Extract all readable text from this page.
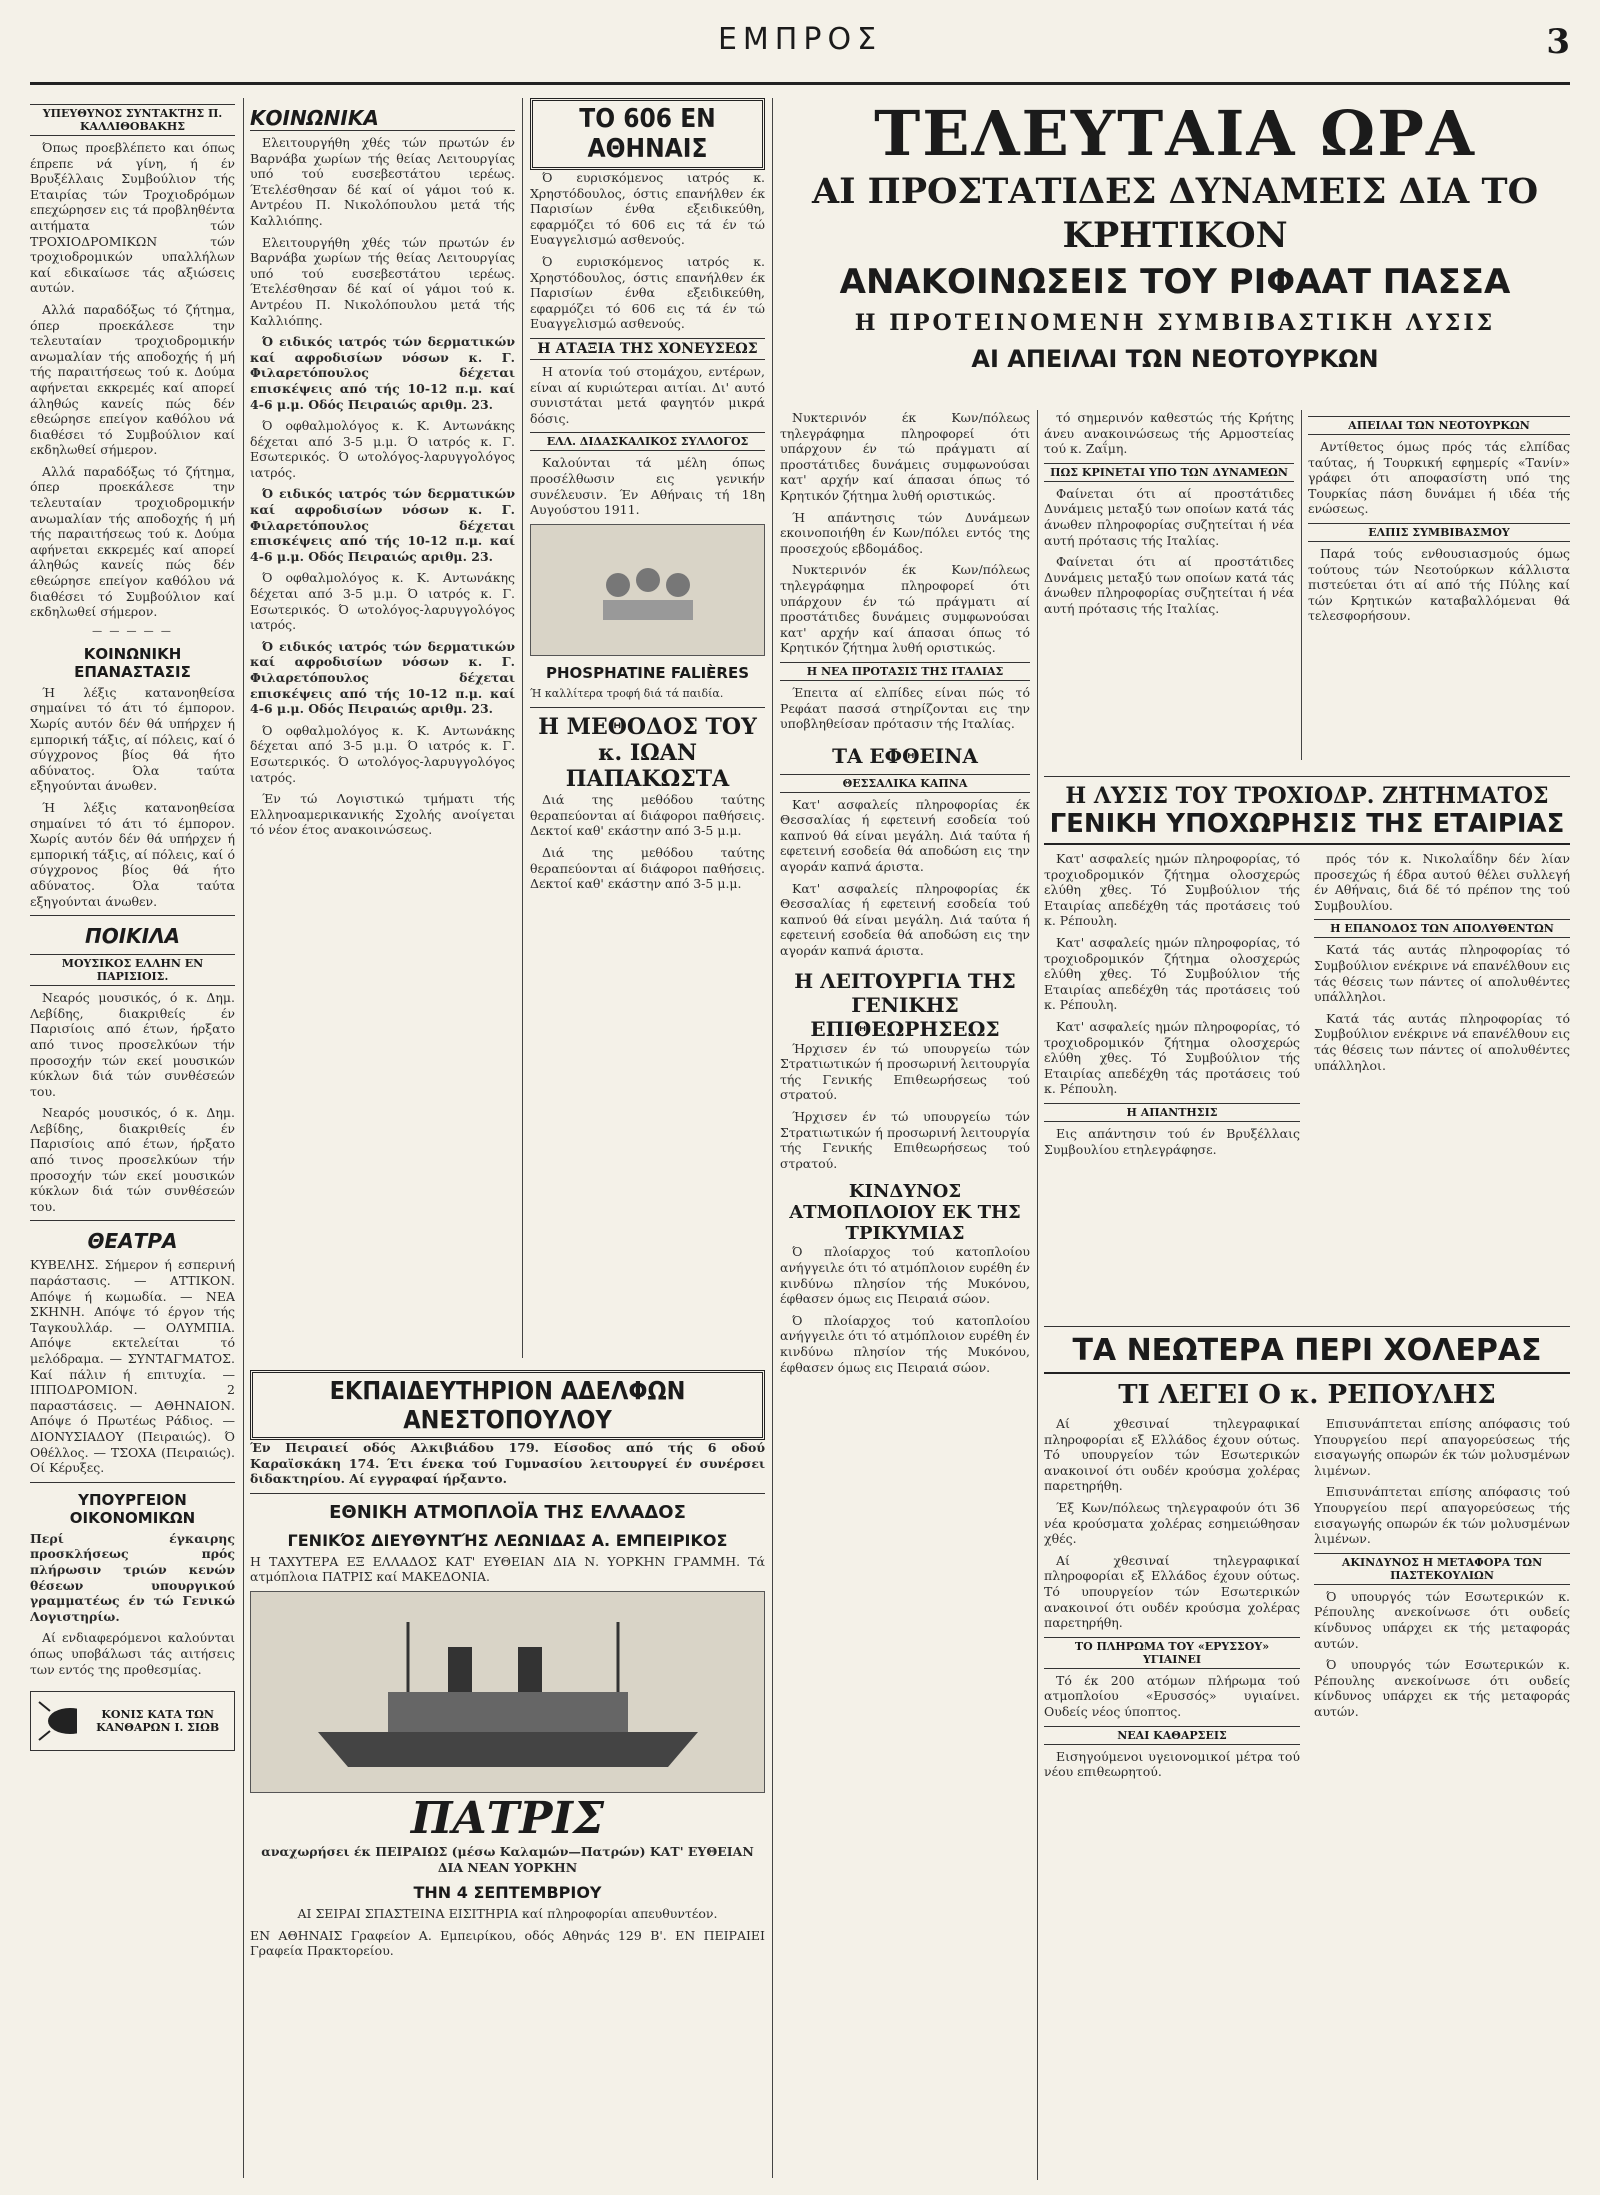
ΕΜΠΡΟΣ	3
ΥΠΕΥΘΥΝΟΣ ΣΥΝΤΑΚΤΗΣ Π. ΚΑΛΛΙΘΟΒΑΚΗΣ

Όπως προεβλέπετο και όπως έπρεπε νά γίνη, ή έν Βρυξέλλαις Συμβούλιον τής Εταιρίας τών Τροχιοδρόμων επεχώρησεν εις τά προβληθέντα αιτήματα τών ΤΡΟΧΙΟΔΡΟΜΙΚΩΝ τών τροχιοδρομικών υπαλλήλων καί εδικαίωσε τάς αξιώσεις αυτών.

Αλλά παραδόξως τό ζήτημα, όπερ προεκάλεσε την τελευταίαν τροχιοδρομικήν ανωμαλίαν τής αποδοχής ή μή τής παραιτήσεως τού κ. Δούμα αφήνεται εκκρεμές καί απορεί άληθώς κανείς πώς δέν εθεώρησε επείγον καθόλου νά διαθέσει τό Συμβούλιον καί εκδηλωθεί σήμερον.

Αλλά παραδόξως τό ζήτημα, όπερ προεκάλεσε την τελευταίαν τροχιοδρομικήν ανωμαλίαν τής αποδοχής ή μή τής παραιτήσεως τού κ. Δούμα αφήνεται εκκρεμές καί απορεί άληθώς κανείς πώς δέν εθεώρησε επείγον καθόλου νά διαθέσει τό Συμβούλιον καί εκδηλωθεί σήμερον.

— — — — —
ΚΟΙΝΩΝΙΚΗ ΕΠΑΝΑΣΤΑΣΙΣ

Ή λέξις κατανοηθείσα σημαίνει τό άτι τό έμπορον. Χωρίς αυτόν δέν θά υπήρχεν ή εμπορική τάξις, αί πόλεις, καί ό σύγχρονος βίος θά ήτο αδύνατος. Όλα ταύτα εξηγούνται άνωθεν.

Ή λέξις κατανοηθείσα σημαίνει τό άτι τό έμπορον. Χωρίς αυτόν δέν θά υπήρχεν ή εμπορική τάξις, αί πόλεις, καί ό σύγχρονος βίος θά ήτο αδύνατος. Όλα ταύτα εξηγούνται άνωθεν.

ΠΟΙΚΙΛΑ
ΜΟΥΣΙΚΟΣ ΕΛΛΗΝ ΕΝ ΠΑΡΙΣΙΟΙΣ.

Νεαρός μουσικός, ό κ. Δημ. Λεβίδης, διακριθείς έν Παρισίοις από έτων, ήρξατο από τινος προσελκύων τήν προσοχήν τών εκεί μουσικών κύκλων διά τών συνθέσεών του.

Νεαρός μουσικός, ό κ. Δημ. Λεβίδης, διακριθείς έν Παρισίοις από έτων, ήρξατο από τινος προσελκύων τήν προσοχήν τών εκεί μουσικών κύκλων διά τών συνθέσεών του.

ΘΕΑΤΡΑ

ΚΥΒΕΛΗΣ. Σήμερον ή εσπερινή παράστασις. — ΑΤΤΙΚΟΝ. Απόψε ή κωμωδία. — ΝΕΑ ΣΚΗΝΗ. Απόψε τό έργον τής Ταγκουλλάρ. — ΟΛΥΜΠΙΑ. Απόψε εκτελείται τό μελόδραμα. — ΣΥΝΤΑΓΜΑΤΟΣ. Καί πάλιν ή επιτυχία. — ΙΠΠΟΔΡΟΜΙΟΝ. 2 παραστάσεις. — ΑΘΗΝΑΙΟΝ. Απόψε ό Πρωτέως Ράδιος. — ΔΙΟΝΥΣΙΑΔΟΥ (Πειραιώς). Ό Οθέλλος. — ΤΣΟΧΑ (Πειραιώς). Οί Κέρυξες.

ΥΠΟΥΡΓΕΙΟΝ ΟΙΚΟΝΟΜΙΚΩΝ

Περί έγκαιρης προσκλήσεως πρός πλήρωσιν τριών κενών θέσεων υπουργικού γραμματέως έν τώ Γενικώ Λογιστηρίω.

Αί ενδιαφερόμενοι καλούνται όπως υποβάλωσι τάς αιτήσεις των εντός της προθεσμίας.

ΚΟΝΙΣ ΚΑΤΑ ΤΩΝ ΚΑΝΘΑΡΩΝ Ι. ΣΙΩΒ
ΚΟΙΝΩΝΙΚΑ

Ελειτουργήθη χθές τών πρωτών έν Βαρνάβα χωρίων τής θείας Λειτουργίας υπό τού ευσεβεστάτου ιερέως. Έτελέσθησαν δέ καί οί γάμοι τού κ. Αντρέου Π. Νικολόπουλου μετά τής Καλλιόπης.

Ελειτουργήθη χθές τών πρωτών έν Βαρνάβα χωρίων τής θείας Λειτουργίας υπό τού ευσεβεστάτου ιερέως. Έτελέσθησαν δέ καί οί γάμοι τού κ. Αντρέου Π. Νικολόπουλου μετά τής Καλλιόπης.

Ό ειδικός ιατρός τών δερματικών καί αφροδισίων νόσων κ. Γ. Φιλαρετόπουλος δέχεται επισκέψεις από τής 10-12 π.μ. καί 4-6 μ.μ. Οδός Πειραιώς αριθμ. 23.

Ό οφθαλμολόγος κ. Κ. Αντωνάκης δέχεται από 3-5 μ.μ. Ό ιατρός κ. Γ. Εσωτερικός. Ό ωτολόγος-λαρυγγολόγος ιατρός.

Ό ειδικός ιατρός τών δερματικών καί αφροδισίων νόσων κ. Γ. Φιλαρετόπουλος δέχεται επισκέψεις από τής 10-12 π.μ. καί 4-6 μ.μ. Οδός Πειραιώς αριθμ. 23.

Ό οφθαλμολόγος κ. Κ. Αντωνάκης δέχεται από 3-5 μ.μ. Ό ιατρός κ. Γ. Εσωτερικός. Ό ωτολόγος-λαρυγγολόγος ιατρός.

Ό ειδικός ιατρός τών δερματικών καί αφροδισίων νόσων κ. Γ. Φιλαρετόπουλος δέχεται επισκέψεις από τής 10-12 π.μ. καί 4-6 μ.μ. Οδός Πειραιώς αριθμ. 23.

Ό οφθαλμολόγος κ. Κ. Αντωνάκης δέχεται από 3-5 μ.μ. Ό ιατρός κ. Γ. Εσωτερικός. Ό ωτολόγος-λαρυγγολόγος ιατρός.

Έν τώ Λογιστικώ τμήματι τής Ελληνοαμερικανικής Σχολής ανοίγεται τό νέον έτος ανακοινώσεως.

ΤΟ 606 ΕΝ ΑΘΗΝΑΙΣ

Ό ευρισκόμενος ιατρός κ. Χρηστόδουλος, όστις επανήλθεν έκ Παρισίων ένθα εξειδικεύθη, εφαρμόζει τό 606 εις τά έν τώ Ευαγγελισμώ ασθενούς.

Ό ευρισκόμενος ιατρός κ. Χρηστόδουλος, όστις επανήλθεν έκ Παρισίων ένθα εξειδικεύθη, εφαρμόζει τό 606 εις τά έν τώ Ευαγγελισμώ ασθενούς.

Η ΑΤΑΞΙΑ ΤΗΣ ΧΟΝΕΥΣΕΩΣ

Η ατονία τού στομάχου, εντέρων, είναι αί κυριώτεραι αιτίαι. Δι' αυτό συνιστάται μετά φαγητόν μικρά δόσις.

ΕΛΛ. ΔΙΔΑΣΚΑΛΙΚΟΣ ΣΥΛΛΟΓΟΣ

Καλούνται τά μέλη όπως προσέλθωσιν εις γενικήν συνέλευσιν. Έν Αθήναις τή 18η Αυγούστου 1911.

PHOSPHATINE FALIÈRES

Ή καλλίτερα τροφή διά τά παιδία.

Η ΜΕΘΟΔΟΣ ΤΟΥ κ. ΙΩΑΝ ΠΑΠΑΚΩΣΤΑ

Διά της μεθόδου ταύτης θεραπεύονται αί διάφοροι παθήσεις. Δεκτοί καθ' εκάστην από 3-5 μ.μ.

Διά της μεθόδου ταύτης θεραπεύονται αί διάφοροι παθήσεις. Δεκτοί καθ' εκάστην από 3-5 μ.μ.

ΕΚΠΑΙΔΕΥΤΗΡΙΟΝ ΑΔΕΛΦΩΝ ΑΝΕΣΤΟΠΟΥΛΟΥ

Έν Πειραιεί οδός Αλκιβιάδου 179. Είσοδος από τής 6 οδού Καραϊσκάκη 174. Έτι ένεκα τού Γυμνασίου λειτουργεί έν συνέρσει διδακτηρίου. Αί εγγραφαί ήρξαντο.

ΕΘΝΙΚΗ ΑΤΜΟΠΛΟΪΑ ΤΗΣ ΕΛΛΑΔΟΣ
ΓΕΝΙΚΌΣ ΔΙΕΥΘΥΝΤΉΣ ΛΕΩΝΙΔΑΣ Α. ΕΜΠΕΙΡΙΚΟΣ

Η ΤΑΧΥΤΕΡΑ ΕΞ ΕΛΛΑΔΟΣ ΚΑΤ' ΕΥΘΕΙΑΝ ΔΙΑ Ν. ΥΟΡΚΗΝ ΓΡΑΜΜΗ. Τά ατμόπλοια ΠΑΤΡΙΣ καί ΜΑΚΕΔΟΝΙΑ.

ΠΑΤΡΙΣ

αναχωρήσει έκ ΠΕΙΡΑΙΩΣ (μέσω Καλαμών—Πατρών) ΚΑΤ' ΕΥΘΕΙΑΝ ΔΙΑ ΝΕΑΝ ΥΟΡΚΗΝ

ΤΗΝ 4 ΣΕΠΤΕΜΒΡΙΟΥ

ΑΙ ΣΕΙΡΑΙ ΣΠΑΣΤΕΙΝΑ ΕΙΣΙΤΗΡΙΑ καί πληροφορίαι απευθυντέον.

ΕΝ ΑΘΗΝΑΙΣ Γραφείον Α. Εμπειρίκου, οδός Αθηνάς 129 Β'. ΕΝ ΠΕΙΡΑΙΕΙ Γραφεία Πρακτορείου.

ΤΕΛΕΥΤΑΙΑ ΩΡΑ
ΑΙ ΠΡΟΣΤΑΤΙΔΕΣ ΔΥΝΑΜΕΙΣ ΔΙΑ ΤΟ ΚΡΗΤΙΚΟΝ
ΑΝΑΚΟΙΝΩΣΕΙΣ ΤΟΥ ΡΙΦΑΑΤ ΠΑΣΣΑ
Η ΠΡΟΤΕΙΝΟΜΕΝΗ ΣΥΜΒΙΒΑΣΤΙΚΗ ΛΥΣΙΣ
ΑΙ ΑΠΕΙΛΑΙ ΤΩΝ ΝΕΟΤΟΥΡΚΩΝ

Νυκτερινόν έκ Κων/πόλεως τηλεγράφημα πληροφορεί ότι υπάρχουν έν τώ πράγματι αί προστάτιδες δυνάμεις συμφωνούσαι κατ' αρχήν καί άπασαι όπως τό Κρητικόν ζήτημα λυθή οριστικώς.

Ή απάντησις τών Δυνάμεων εκοινοποιήθη έν Κων/πόλει εντός της προσεχούς εβδομάδος.

Νυκτερινόν έκ Κων/πόλεως τηλεγράφημα πληροφορεί ότι υπάρχουν έν τώ πράγματι αί προστάτιδες δυνάμεις συμφωνούσαι κατ' αρχήν καί άπασαι όπως τό Κρητικόν ζήτημα λυθή οριστικώς.

Η ΝΕΑ ΠΡΟΤΑΣΙΣ ΤΗΣ ΙΤΑΛΙΑΣ

Έπειτα αί ελπίδες είναι πώς τό Ρεφάατ πασσά στηρίζονται εις την υποβληθείσαν πρότασιν τής Ιταλίας.

ΤΑ ΕΦΘΕΙΝΑ
ΘΕΣΣΑΛΙΚΑ ΚΑΠΝΑ

Κατ' ασφαλείς πληροφορίας έκ Θεσσαλίας ή εφετεινή εσοδεία τού καπνού θά είναι μεγάλη. Διά ταύτα ή εφετεινή εσοδεία θά αποδώση εις την αγοράν καπνά άριστα.

Κατ' ασφαλείς πληροφορίας έκ Θεσσαλίας ή εφετεινή εσοδεία τού καπνού θά είναι μεγάλη. Διά ταύτα ή εφετεινή εσοδεία θά αποδώση εις την αγοράν καπνά άριστα.

Η ΛΕΙΤΟΥΡΓΙΑ ΤΗΣ ΓΕΝΙΚΗΣ ΕΠΙΘΕΩΡΗΣΕΩΣ

Ήρχισεν έν τώ υπουργείω τών Στρατιωτικών ή προσωρινή λειτουργία τής Γενικής Επιθεωρήσεως τού στρατού.

Ήρχισεν έν τώ υπουργείω τών Στρατιωτικών ή προσωρινή λειτουργία τής Γενικής Επιθεωρήσεως τού στρατού.

ΚΙΝΔΥΝΟΣ ΑΤΜΟΠΛΟΙΟΥ ΕΚ ΤΗΣ ΤΡΙΚΥΜΙΑΣ

Ό πλοίαρχος τού κατοπλοίου ανήγγειλε ότι τό ατμόπλοιον ευρέθη έν κινδύνω πλησίον τής Μυκόνου, έφθασεν όμως εις Πειραιά σώον.

Ό πλοίαρχος τού κατοπλοίου ανήγγειλε ότι τό ατμόπλοιον ευρέθη έν κινδύνω πλησίον τής Μυκόνου, έφθασεν όμως εις Πειραιά σώον.

τό σημερινόν καθεστώς τής Κρήτης άνευ ανακοινώσεως τής Αρμοστείας τού κ. Ζαΐμη.

ΠΩΣ ΚΡΙΝΕΤΑΙ ΥΠΟ ΤΩΝ ΔΥΝΑΜΕΩΝ

Φαίνεται ότι αί προστάτιδες Δυνάμεις μεταξύ των οποίων κατά τάς άνωθεν πληροφορίας συζητείται ή νέα αυτή πρότασις τής Ιταλίας.

Φαίνεται ότι αί προστάτιδες Δυνάμεις μεταξύ των οποίων κατά τάς άνωθεν πληροφορίας συζητείται ή νέα αυτή πρότασις τής Ιταλίας.

ΑΠΕΙΛΑΙ ΤΩΝ ΝΕΟΤΟΥΡΚΩΝ

Αντίθετος όμως πρός τάς ελπίδας ταύτας, ή Τουρκική εφημερίς «Τανίν» γράφει ότι αποφασίστη υπό της Τουρκίας πάση δυνάμει ή ιδέα τής ενώσεως.

ΕΛΠΙΣ ΣΥΜΒΙΒΑΣΜΟΥ

Παρά τούς ενθουσιασμούς όμως τούτους τών Νεοτούρκων κάλλιστα πιστεύεται ότι αί από τής Πύλης καί τών Κρητικών καταβαλλόμεναι θά τελεσφορήσουν.

Η ΛΥΣΙΣ ΤΟΥ ΤΡΟΧΙΟΔΡ. ΖΗΤΗΜΑΤΟΣ
ΓΕΝΙΚΗ ΥΠΟΧΩΡΗΣΙΣ ΤΗΣ ΕΤΑΙΡΙΑΣ

Κατ' ασφαλείς ημών πληροφορίας, τό τροχιοδρομικόν ζήτημα ολοσχερώς ελύθη χθες. Τό Συμβούλιον τής Εταιρίας απεδέχθη τάς προτάσεις τού κ. Ρέπουλη.

Κατ' ασφαλείς ημών πληροφορίας, τό τροχιοδρομικόν ζήτημα ολοσχερώς ελύθη χθες. Τό Συμβούλιον τής Εταιρίας απεδέχθη τάς προτάσεις τού κ. Ρέπουλη.

Κατ' ασφαλείς ημών πληροφορίας, τό τροχιοδρομικόν ζήτημα ολοσχερώς ελύθη χθες. Τό Συμβούλιον τής Εταιρίας απεδέχθη τάς προτάσεις τού κ. Ρέπουλη.

Η ΑΠΑΝΤΗΣΙΣ

Εις απάντησιν τού έν Βρυξέλλαις Συμβουλίου ετηλεγράφησε.

πρός τόν κ. Νικολαΐδην δέν λίαν προσεχώς ή έδρα αυτού θέλει συλλεγή έν Αθήναις, διά δέ τό πρέπον της τού Συμβουλίου.

Η ΕΠΑΝΟΔΟΣ ΤΩΝ ΑΠΟΛΥΘΕΝΤΩΝ

Κατά τάς αυτάς πληροφορίας τό Συμβούλιον ενέκρινε νά επανέλθουν εις τάς θέσεις των πάντες οί απολυθέντες υπάλληλοι.

Κατά τάς αυτάς πληροφορίας τό Συμβούλιον ενέκρινε νά επανέλθουν εις τάς θέσεις των πάντες οί απολυθέντες υπάλληλοι.

ΤΑ ΝΕΩΤΕΡΑ ΠΕΡΙ ΧΟΛΕΡΑΣ
ΤΙ ΛΕΓΕΙ Ο κ. ΡΕΠΟΥΛΗΣ

Αί χθεσιναί τηλεγραφικαί πληροφορίαι εξ Ελλάδος έχουν ούτως. Τό υπουργείον τών Εσωτερικών ανακοινοί ότι ουδέν κρούσμα χολέρας παρετηρήθη.

Έξ Κων/πόλεως τηλεγραφούν ότι 36 νέα κρούσματα χολέρας εσημειώθησαν χθές.

Αί χθεσιναί τηλεγραφικαί πληροφορίαι εξ Ελλάδος έχουν ούτως. Τό υπουργείον τών Εσωτερικών ανακοινοί ότι ουδέν κρούσμα χολέρας παρετηρήθη.

ΤΟ ΠΛΗΡΩΜΑ ΤΟΥ «ΕΡΥΣΣΟΥ» ΥΓΙΑΙΝΕΙ

Τό έκ 200 ατόμων πλήρωμα τού ατμοπλοίου «Ερυσσός» υγιαίνει. Ουδείς νέος ύποπτος.

ΝΕΑΙ ΚΑΘΑΡΣΕΙΣ

Εισηγούμενοι υγειονομικοί μέτρα τού νέου επιθεωρητού.

Επισυνάπτεται επίσης απόφασις τού Υπουργείου περί απαγορεύσεως τής εισαγωγής οπωρών έκ τών μολυσμένων λιμένων.

Επισυνάπτεται επίσης απόφασις τού Υπουργείου περί απαγορεύσεως τής εισαγωγής οπωρών έκ τών μολυσμένων λιμένων.

ΑΚΙΝΔΥΝΟΣ Η ΜΕΤΑΦΟΡΑ ΤΩΝ ΠΑΣΤΕΚΟΥΛΙΩΝ

Ό υπουργός τών Εσωτερικών κ. Ρέπουλης ανεκοίνωσε ότι ουδείς κίνδυνος υπάρχει εκ τής μεταφοράς αυτών.

Ό υπουργός τών Εσωτερικών κ. Ρέπουλης ανεκοίνωσε ότι ουδείς κίνδυνος υπάρχει εκ τής μεταφοράς αυτών.
